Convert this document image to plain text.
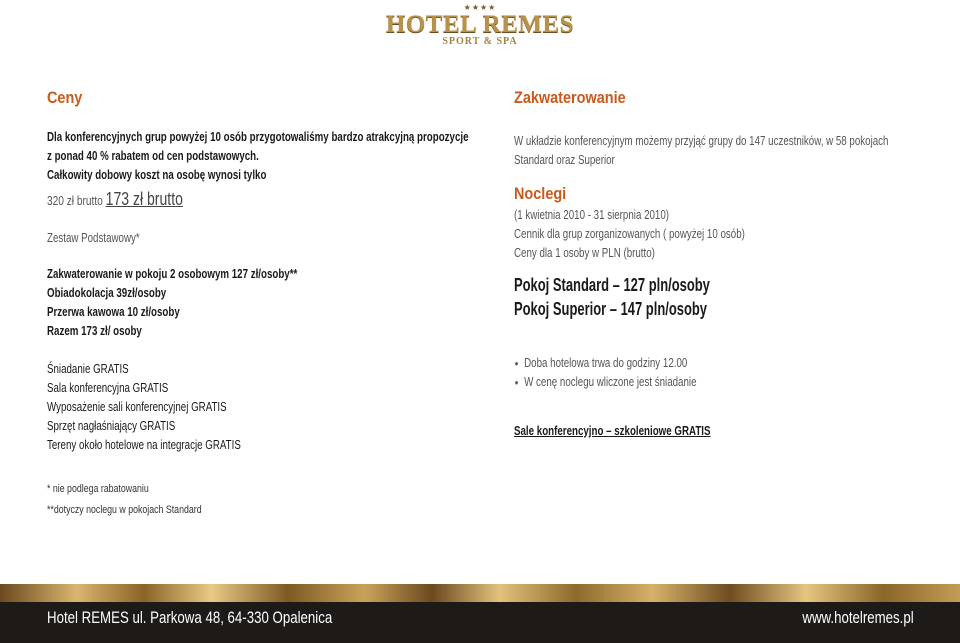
★★★★
HOTEL REMES
SPORT & SPA
Ceny

Dla konferencyjnych grup powyżej 10 osób przygotowaliśmy bardzo atrakcyjną propozycje

z ponad 40 % rabatem od cen podstawowych.

Całkowity dobowy koszt na osobę wynosi tylko

320 zł brutto 173 zł brutto

Zestaw Podstawowy*

Zakwaterowanie w pokoju 2 osobowym 127 zł/osoby**

Obiadokolacja 39zł/osoby

Przerwa kawowa 10 zł/osoby

Razem 173 zł/ osoby

Śniadanie GRATIS

Sala konferencyjna GRATIS

Wyposażenie sali konferencyjnej GRATIS

Sprzęt nagłaśniający GRATIS

Tereny około hotelowe na integracje GRATIS

* nie podlega rabatowaniu

**dotyczy noclegu w pokojach Standard

Zakwaterowanie

W układzie konferencyjnym możemy przyjąć grupy do 147 uczestników, w 58 pokojach

Standard oraz Superior

Noclegi

(1 kwietnia 2010 - 31 sierpnia 2010)

Cennik dla grup zorganizowanych ( powyżej 10 osób)

Ceny dla 1 osoby w PLN (brutto)

Pokoj Standard – 127 pln/osoby

Pokoj Superior – 147 pln/osoby

• Doba hotelowa trwa do godziny 12.00
• W cenę noclegu wliczone jest śniadanie

Sale konferencyjno – szkoleniowe GRATIS

Hotel REMES ul. Parkowa 48, 64-330 Opalenica	www.hotelremes.pl
